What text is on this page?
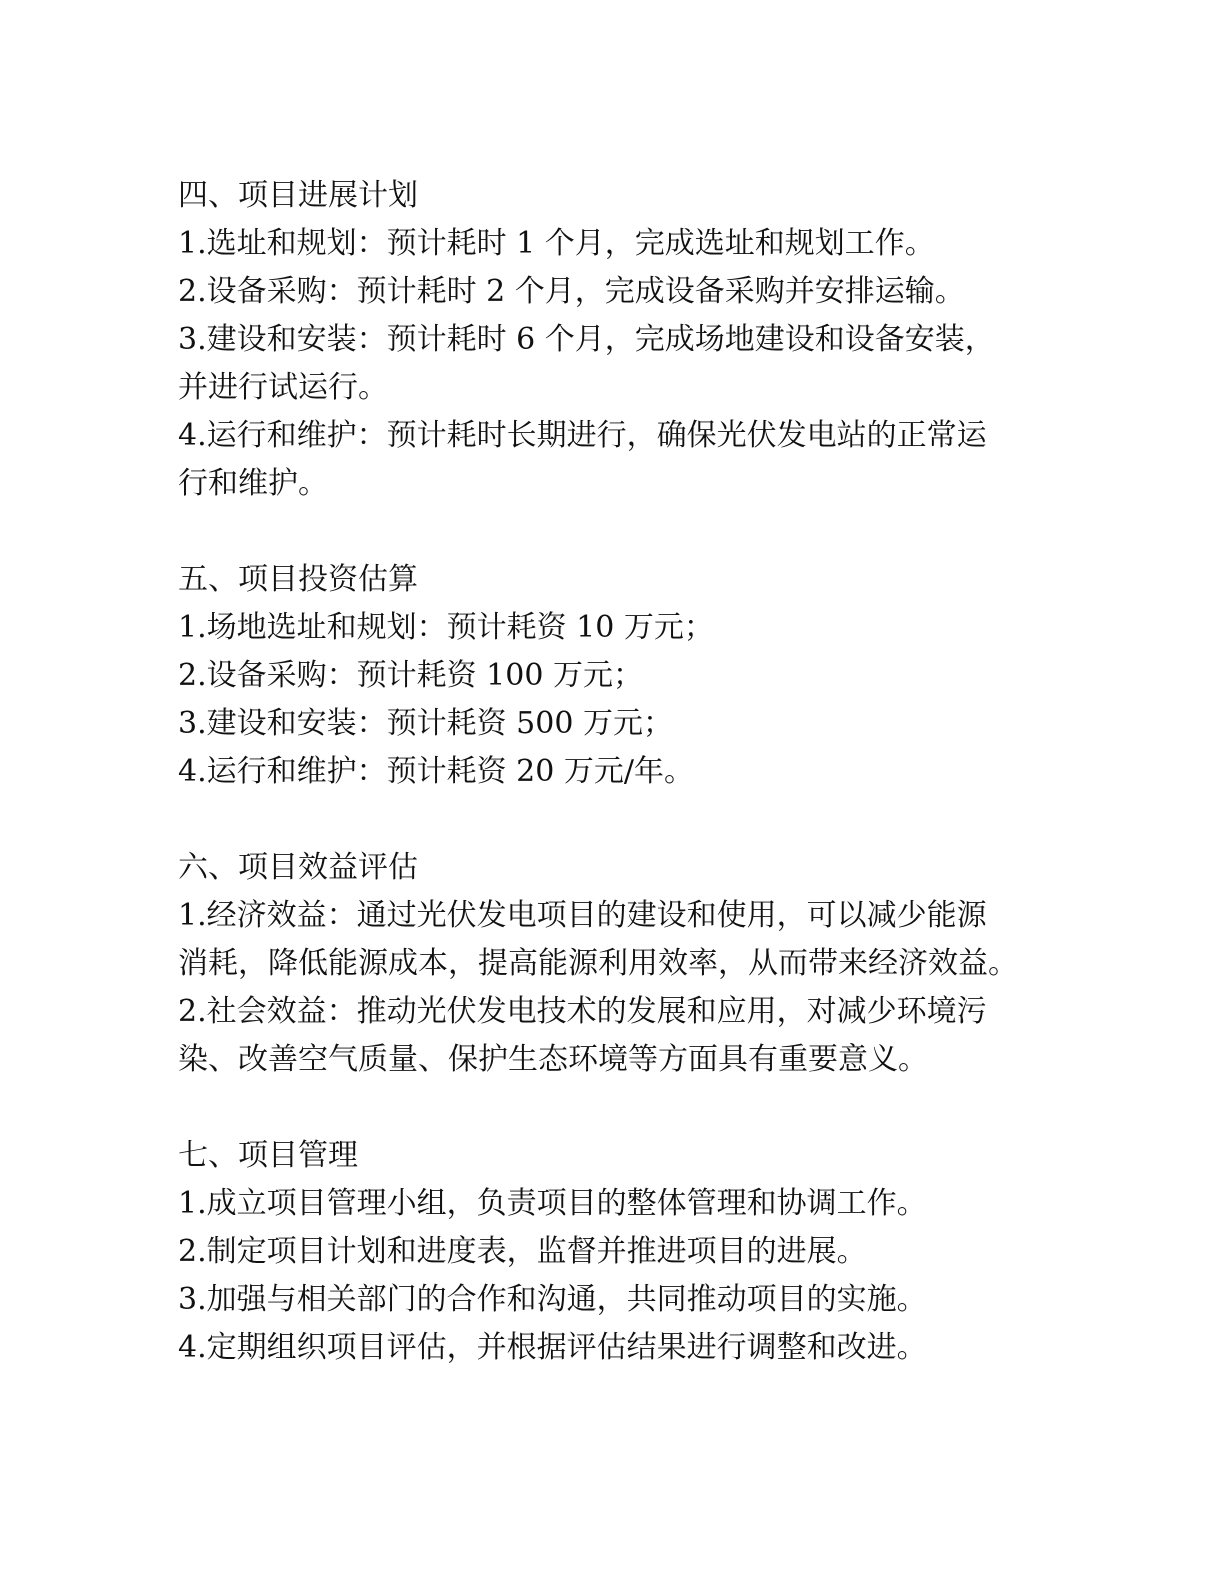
四、项目进展计划
1.选址和规划：预计耗时 1 个月，完成选址和规划工作。
2.设备采购：预计耗时 2 个月，完成设备采购并安排运输。
3.建设和安装：预计耗时 6 个月，完成场地建设和设备安装，
并进行试运行。
4.运行和维护：预计耗时长期进行，确保光伏发电站的正常运
行和维护。
五、项目投资估算
1.场地选址和规划：预计耗资 10 万元；
2.设备采购：预计耗资 100 万元；
3.建设和安装：预计耗资 500 万元；
4.运行和维护：预计耗资 20 万元/年。
六、项目效益评估
1.经济效益：通过光伏发电项目的建设和使用，可以减少能源
消耗，降低能源成本，提高能源利用效率，从而带来经济效益。
2.社会效益：推动光伏发电技术的发展和应用，对减少环境污
染、改善空气质量、保护生态环境等方面具有重要意义。
七、项目管理
1.成立项目管理小组，负责项目的整体管理和协调工作。
2.制定项目计划和进度表，监督并推进项目的进展。
3.加强与相关部门的合作和沟通，共同推动项目的实施。
4.定期组织项目评估，并根据评估结果进行调整和改进。
